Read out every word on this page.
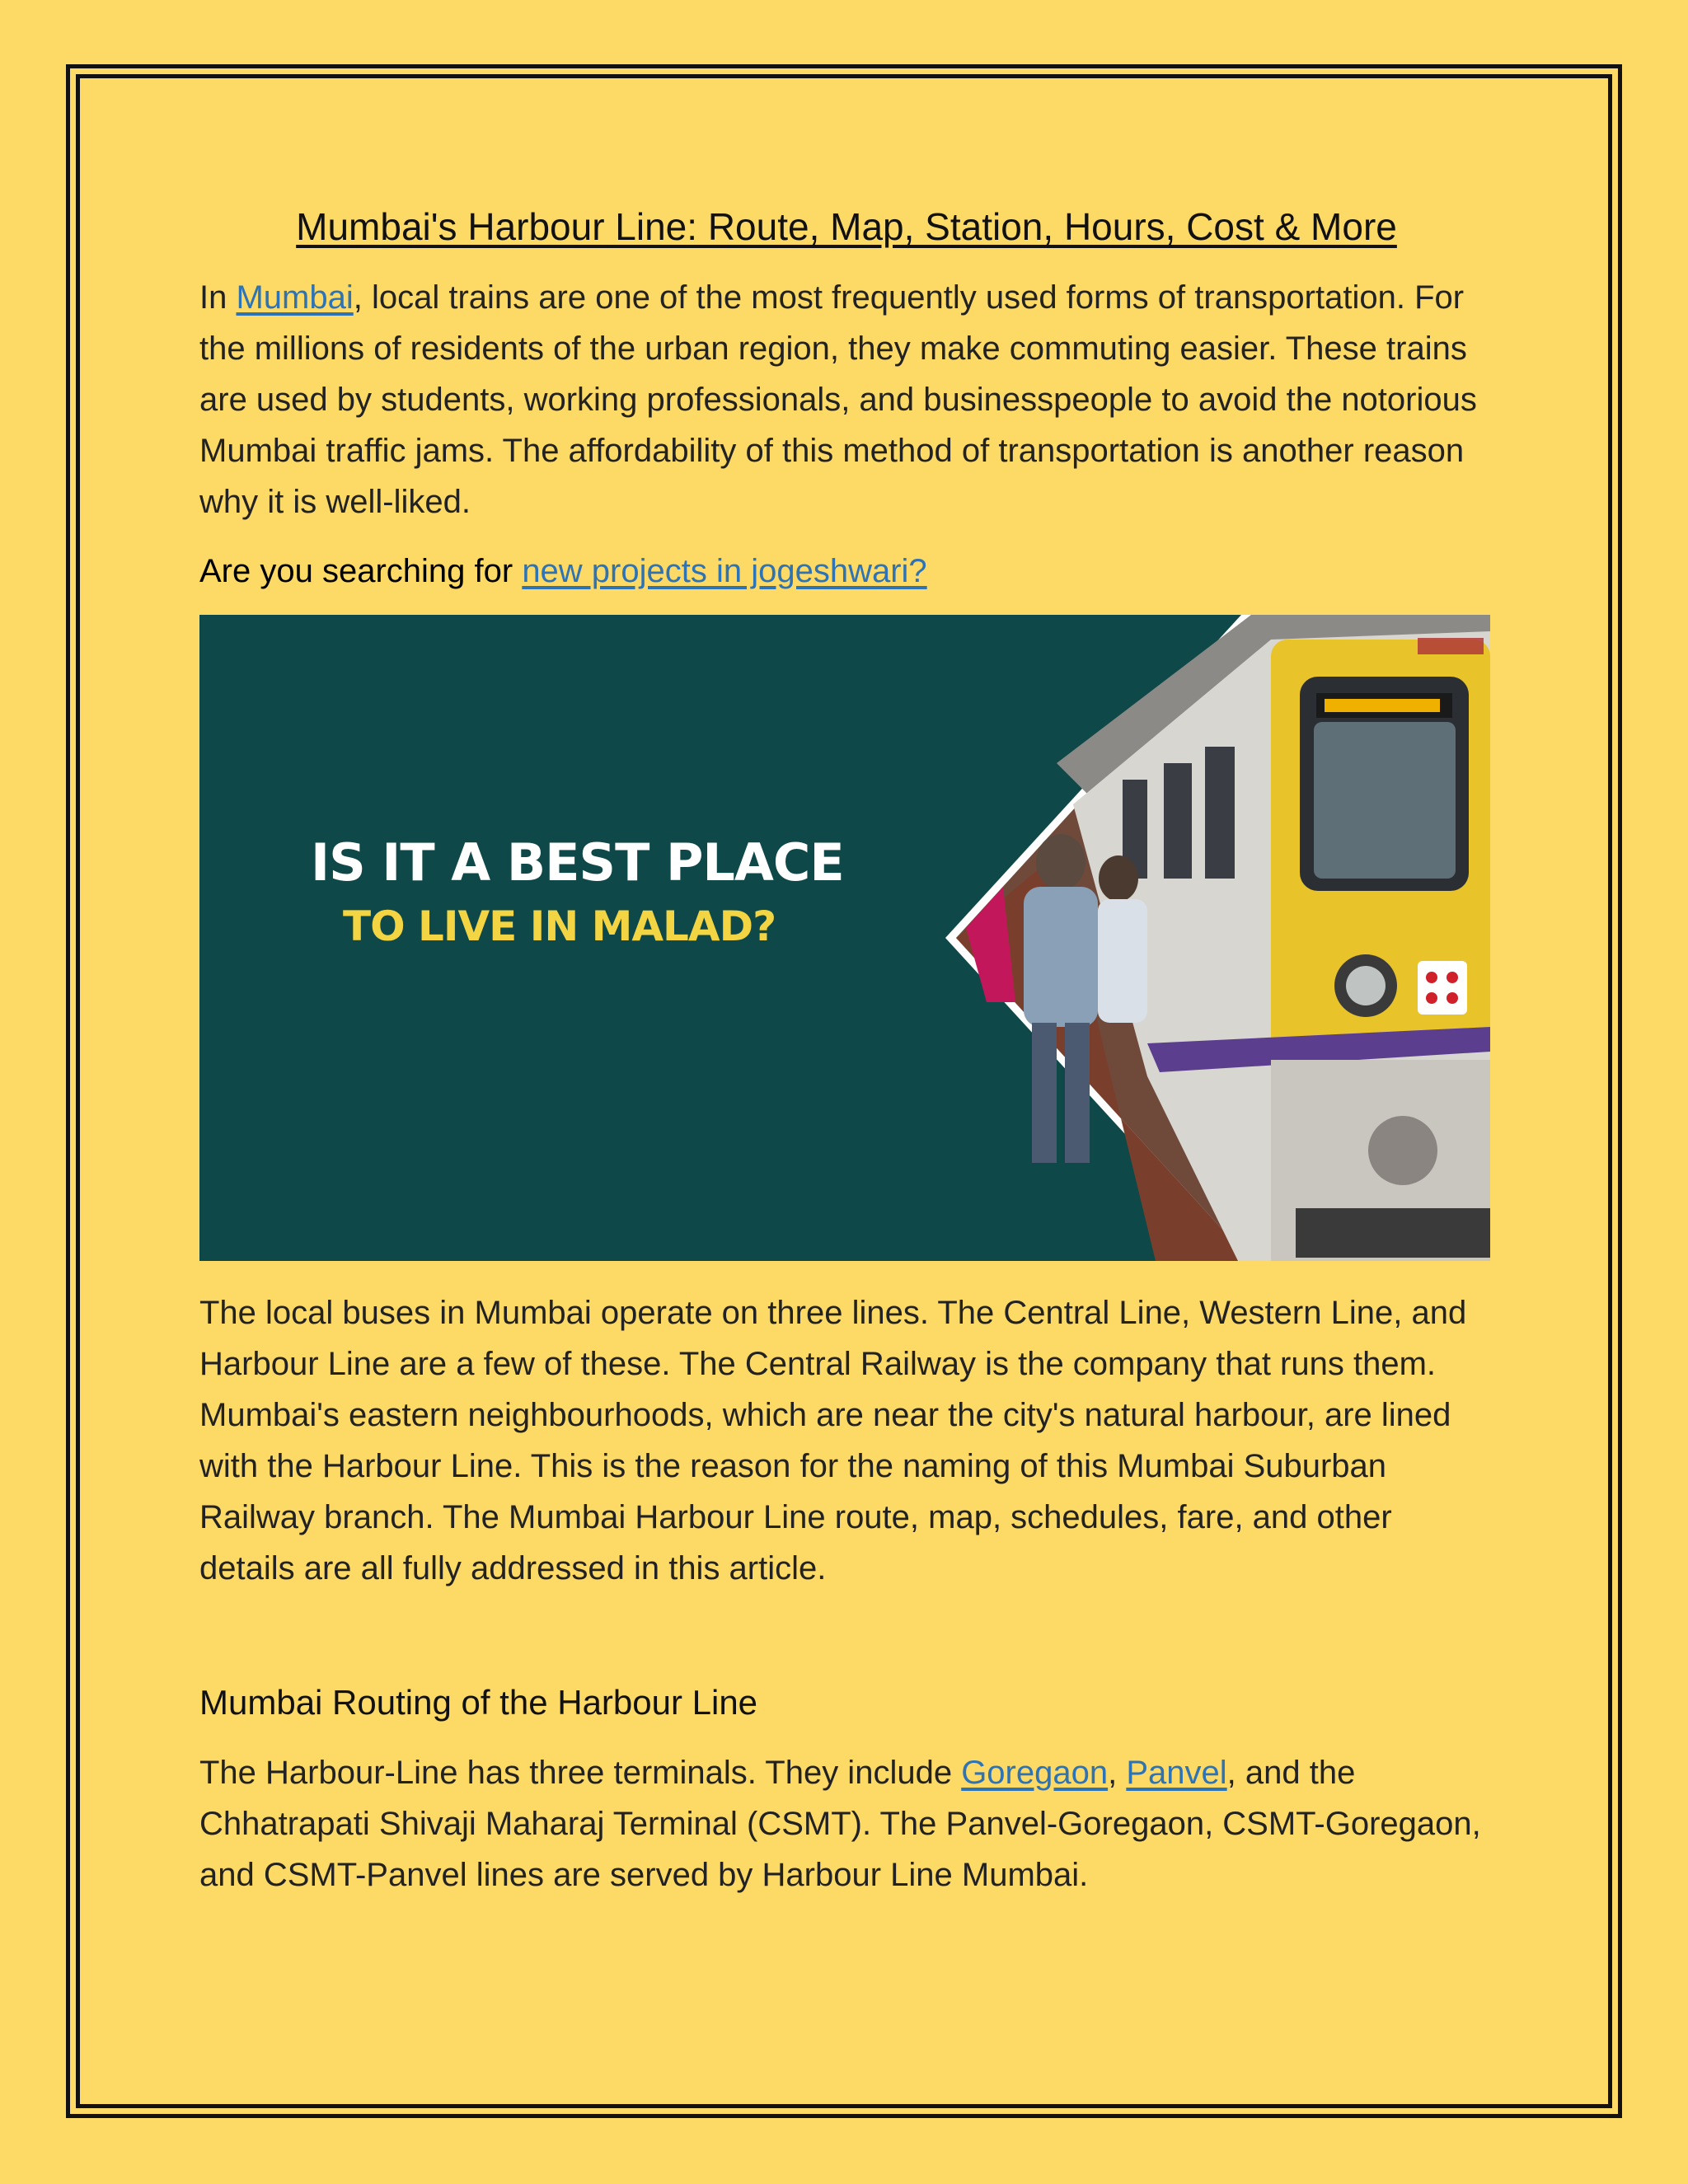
Mumbai's Harbour Line: Route, Map, Station, Hours, Cost & More

In Mumbai, local trains are one of the most frequently used forms of transportation. For the millions of residents of the urban region, they make commuting easier. These trains are used by students, working professionals, and businesspeople to avoid the notorious Mumbai traffic jams. The affordability of this method of transportation is another reason why it is well-liked.

Are you searching for new projects in jogeshwari?

IS IT A BEST PLACE
TO LIVE IN MALAD?

The local buses in Mumbai operate on three lines. The Central Line, Western Line, and Harbour Line are a few of these. The Central Railway is the company that runs them. Mumbai's eastern neighbourhoods, which are near the city's natural harbour, are lined with the Harbour Line. This is the reason for the naming of this Mumbai Suburban Railway branch. The Mumbai Harbour Line route, map, schedules, fare, and other details are all fully addressed in this article.

Mumbai Routing of the Harbour Line

The Harbour-Line has three terminals. They include Goregaon, Panvel, and the Chhatrapati Shivaji Maharaj Terminal (CSMT). The Panvel-Goregaon, CSMT-Goregaon, and CSMT-Panvel lines are served by Harbour Line Mumbai.
